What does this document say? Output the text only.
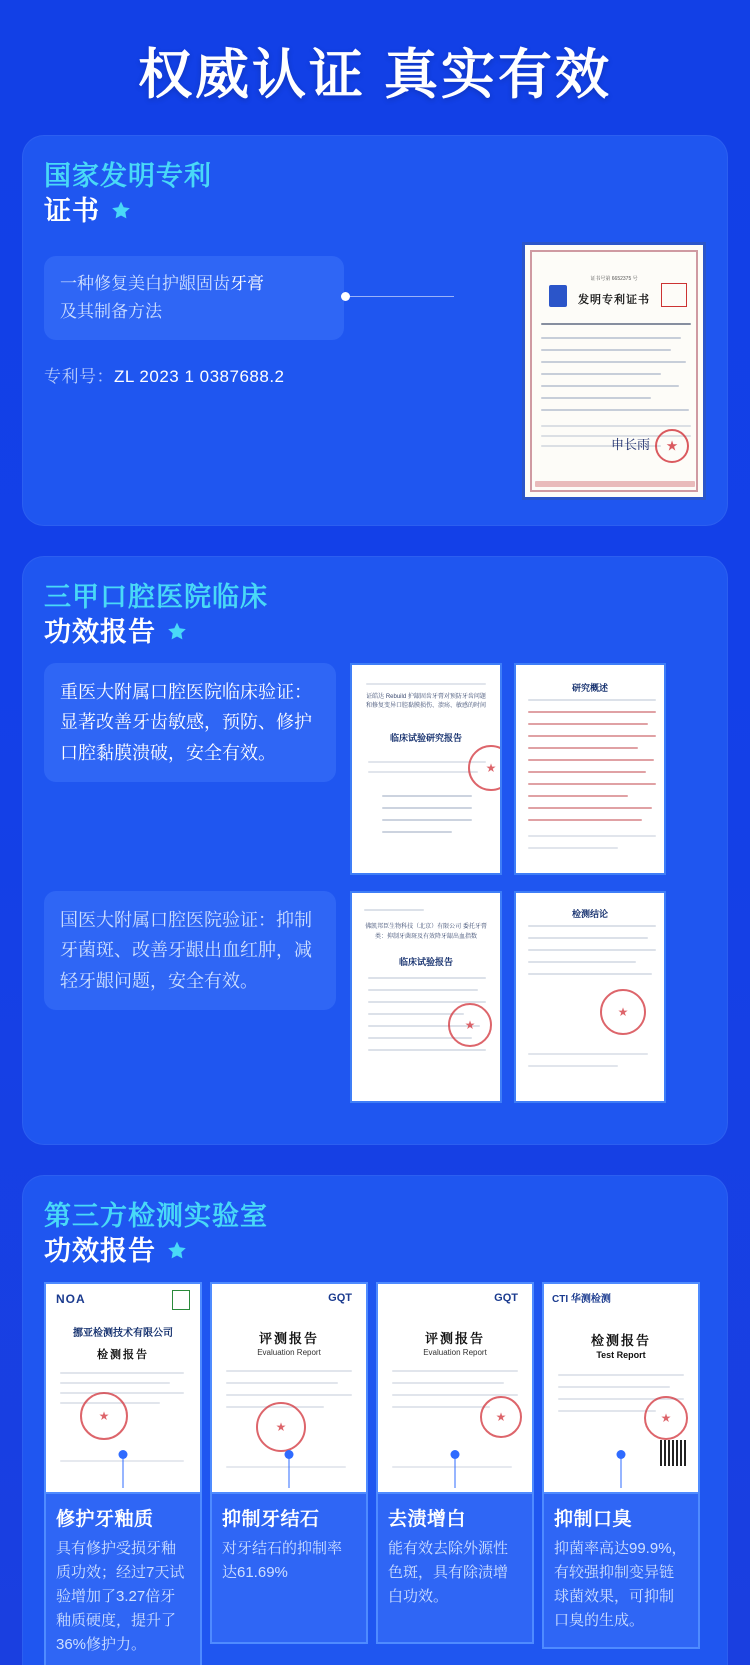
权威认证 真实有效
国家发明专利
证书
一种修复美白护龈固齿牙膏
及其制备方法
专利号：ZL 2023 1 0387688.2
证书号第 6652375 号
发明专利证书
申长雨
★
三甲口腔医院临床
功效报告
重医大附属口腔医院临床验证：显著改善牙齿敏感，预防、修护口腔黏膜溃破，安全有效。
证皓达 Rebuild 护龈固齿牙膏对预防牙齿问题和修复变异口腔黏膜损伤、溃疡、敏感的时间
临床试验研究报告
★
研究概述
国医大附属口腔医院验证：抑制牙菌斑、改善牙龈出血红肿，减轻牙龈问题，安全有效。
佛凯邦臣生物科技（北京）有限公司 委托牙膏类：抑制牙菌斑及有效降牙龈出血指数
临床试验报告
★
检测结论
★
第三方检测实验室
功效报告
NOA
挪亚检测技术有限公司
检测报告
★
修护牙釉质

具有修护受损牙釉质功效；经过7天试验增加了3.27倍牙釉质硬度，提升了36%修护力。

GQT
评测报告
Evaluation Report
★
抑制牙结石

对牙结石的抑制率达61.69%

GQT
评测报告
Evaluation Report
★
去渍增白

能有效去除外源性色斑，具有除渍增白功效。

CTI 华测检测
检测报告
Test Report
★
抑制口臭

抑菌率高达99.9%，有较强抑制变异链球菌效果，可抑制口臭的生成。
